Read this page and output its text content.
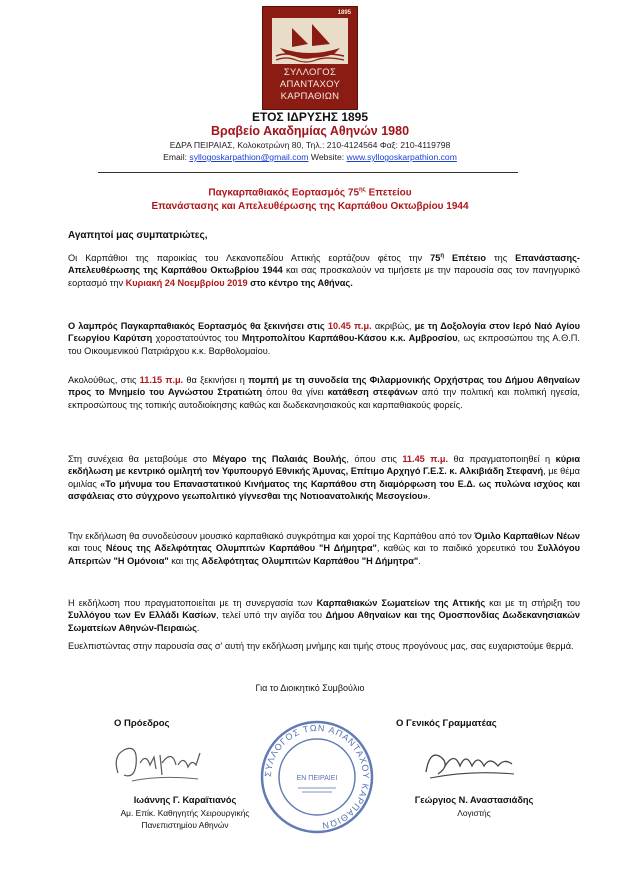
1895
ΣΥΛΛΟΓΟΣ
ΑΠΑΝΤΑΧΟΥ
ΚΑΡΠΑΘΙΩΝ
ΕΤΟΣ ΙΔΡΥΣΗΣ 1895
Βραβείο Ακαδημίας Αθηνών 1980
ΕΔΡΑ ΠΕΙΡΑΙΑΣ, Κολοκοτρώνη 80, Τηλ.: 210-4124564 Φαξ: 210-4119798
Email: syllogoskarpathion@gmail.com Website: www.syllogoskarpathion.com
Παγκαρπαθιακός Εορτασμός $75^{\eta\varsigma}$ Επετείου
Επανάστασης και Απελευθέρωσης της Καρπάθου Οκτωβρίου 1944
Αγαπητοί μας συμπατριώτες,
Οι Καρπάθιοι της παροικίας του Λεκανοπεδίου Αττικής εορτάζουν φέτος την $75^\eta$ Επέτειο της Επανάστασης-Απελευθέρωσης της Καρπάθου Οκτωβρίου 1944 και σας προσκαλούν να τιμήσετε με την παρουσία σας τον πανηγυρικό εορτασμό την Κυριακή 24 Νοεμβρίου 2019 στο κέντρο της Αθήνας.
Ο λαμπρός Παγκαρπαθιακός Εορτασμός θα ξεκινήσει στις 10.45 π.μ. ακριβώς, με τη Δοξολογία στον Ιερό Ναό Αγίου Γεωργίου Καρύτση χοροστατούντος του Μητροπολίτου Καρπάθου-Κάσου κ.κ. Αμβροσίου, ως εκπροσώπου της Α.Θ.Π. του Οικουμενικού Πατριάρχου κ.κ. Βαρθολομαίου.
Ακολούθως, στις 11.15 π.μ. θα ξεκινήσει η πομπή με τη συνοδεία της Φιλαρμονικής Ορχήστρας του Δήμου Αθηναίων προς το Μνημείο του Αγνώστου Στρατιώτη όπου θα γίνει κατάθεση στεφάνων από την πολιτική και πολιτική ηγεσία, εκπροσώπους της τοπικής αυτοδιοίκησης καθώς και δωδεκανησιακούς και καρπαθιακούς φορείς.
Στη συνέχεια θα μεταβούμε στο Μέγαρο της Παλαιάς Βουλής, όπου στις 11.45 π.μ. θα πραγματοποιηθεί η κύρια εκδήλωση με κεντρικό ομιλητή τον Υφυπουργό Εθνικής Άμυνας, Επίτιμο Αρχηγό Γ.Ε.Σ. κ. Αλκιβιάδη Στεφανή, με θέμα ομιλίας «Το μήνυμα του Επαναστατικού Κινήματος της Καρπάθου στη διαμόρφωση του Ε.Δ. ως πυλώνα ισχύος και ασφάλειας στο σύγχρονο γεωπολιτικό γίγνεσθαι της Νοτιοανατολικής Μεσογείου».
Την εκδήλωση θα συνοδεύσουν μουσικό καρπαθιακό συγκρότημα και χοροί της Καρπάθου από τον Όμιλο Καρπαθίων Νέων και τους Νέους της Αδελφότητας Ολυμπιτών Καρπάθου "Η Δήμητρα", καθώς και το παιδικό χορευτικό του Συλλόγου Απεριτών "Η Ομόνοια" και της Αδελφότητας Ολυμπιτών Καρπάθου "Η Δήμητρα".
Η εκδήλωση που πραγματοποιείται με τη συνεργασία των Καρπαθιακών Σωματείων της Αττικής και με τη στήριξη του Συλλόγου των Εν Ελλάδι Κασίων, τελεί υπό την αιγίδα του Δήμου Αθηναίων και της Ομοσπονδίας Δωδεκανησιακών Σωματείων Αθηνών-Πειραιώς.
Ευελπιστώντας στην παρουσία σας σ' αυτή την εκδήλωση μνήμης και τιμής στους προγόνους μας, σας ευχαριστούμε θερμά.
Για το Διοικητικό Συμβούλιο
Ο Πρόεδρος	Ο Γενικός Γραμματέας
ΣΥΛΛΟΓΟΣ ΤΩΝ ΑΠΑΝΤΑΧΟΥ ΚΑΡΠΑΘΙΩΝ
ΕΝ ΠΕΙΡΑΙΕΙ
Ιωάννης Γ. Καραϊτιανός
Αμ. Επίκ. Καθηγητής Χειρουργικής
Πανεπιστημίου Αθηνών
Γεώργιος Ν. Αναστασιάδης
Λογιστής
